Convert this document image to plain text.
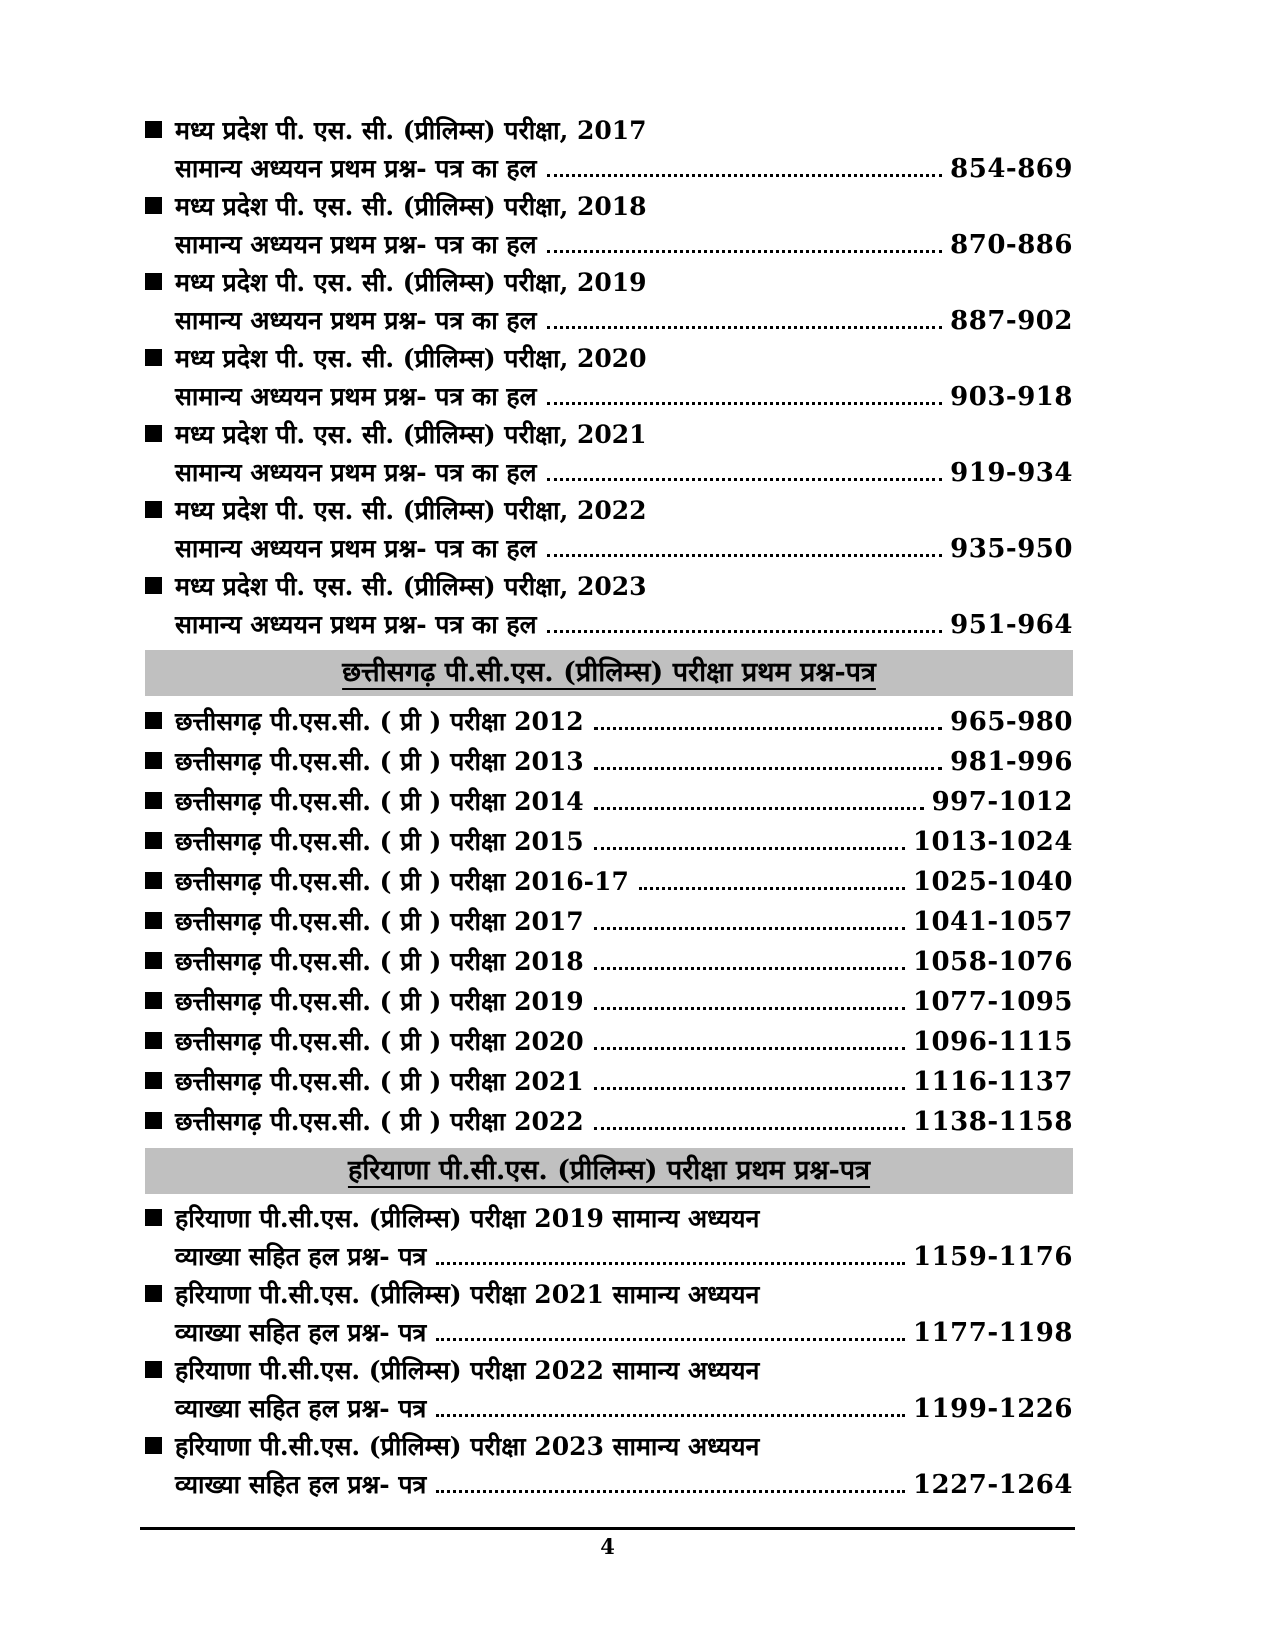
मध्य प्रदेश पी. एस. सी. (प्रीलिम्स) परीक्षा, 2017
सामान्य अध्ययन प्रथम प्रश्न- पत्र का हल	854-869
मध्य प्रदेश पी. एस. सी. (प्रीलिम्स) परीक्षा, 2018
सामान्य अध्ययन प्रथम प्रश्न- पत्र का हल	870-886
मध्य प्रदेश पी. एस. सी. (प्रीलिम्स) परीक्षा, 2019
सामान्य अध्ययन प्रथम प्रश्न- पत्र का हल	887-902
मध्य प्रदेश पी. एस. सी. (प्रीलिम्स) परीक्षा, 2020
सामान्य अध्ययन प्रथम प्रश्न- पत्र का हल	903-918
मध्य प्रदेश पी. एस. सी. (प्रीलिम्स) परीक्षा, 2021
सामान्य अध्ययन प्रथम प्रश्न- पत्र का हल	919-934
मध्य प्रदेश पी. एस. सी. (प्रीलिम्स) परीक्षा, 2022
सामान्य अध्ययन प्रथम प्रश्न- पत्र का हल	935-950
मध्य प्रदेश पी. एस. सी. (प्रीलिम्स) परीक्षा, 2023
सामान्य अध्ययन प्रथम प्रश्न- पत्र का हल	951-964
छत्तीसगढ़ पी.सी.एस. (प्रीलिम्स) परीक्षा प्रथम प्रश्न-पत्र
छत्तीसगढ़ पी.एस.सी. ( प्री ) परीक्षा 2012	965-980
छत्तीसगढ़ पी.एस.सी. ( प्री ) परीक्षा 2013	981-996
छत्तीसगढ़ पी.एस.सी. ( प्री ) परीक्षा 2014	997-1012
छत्तीसगढ़ पी.एस.सी. ( प्री ) परीक्षा 2015	1013-1024
छत्तीसगढ़ पी.एस.सी. ( प्री ) परीक्षा 2016-17	1025-1040
छत्तीसगढ़ पी.एस.सी. ( प्री ) परीक्षा 2017	1041-1057
छत्तीसगढ़ पी.एस.सी. ( प्री ) परीक्षा 2018	1058-1076
छत्तीसगढ़ पी.एस.सी. ( प्री ) परीक्षा 2019	1077-1095
छत्तीसगढ़ पी.एस.सी. ( प्री ) परीक्षा 2020	1096-1115
छत्तीसगढ़ पी.एस.सी. ( प्री ) परीक्षा 2021	1116-1137
छत्तीसगढ़ पी.एस.सी. ( प्री ) परीक्षा 2022	1138-1158
हरियाणा पी.सी.एस. (प्रीलिम्स) परीक्षा प्रथम प्रश्न-पत्र
हरियाणा पी.सी.एस. (प्रीलिम्स) परीक्षा 2019 सामान्य अध्ययन
व्याख्या सहित हल प्रश्न- पत्र	1159-1176
हरियाणा पी.सी.एस. (प्रीलिम्स) परीक्षा 2021 सामान्य अध्ययन
व्याख्या सहित हल प्रश्न- पत्र	1177-1198
हरियाणा पी.सी.एस. (प्रीलिम्स) परीक्षा 2022 सामान्य अध्ययन
व्याख्या सहित हल प्रश्न- पत्र	1199-1226
हरियाणा पी.सी.एस. (प्रीलिम्स) परीक्षा 2023 सामान्य अध्ययन
व्याख्या सहित हल प्रश्न- पत्र	1227-1264
4
